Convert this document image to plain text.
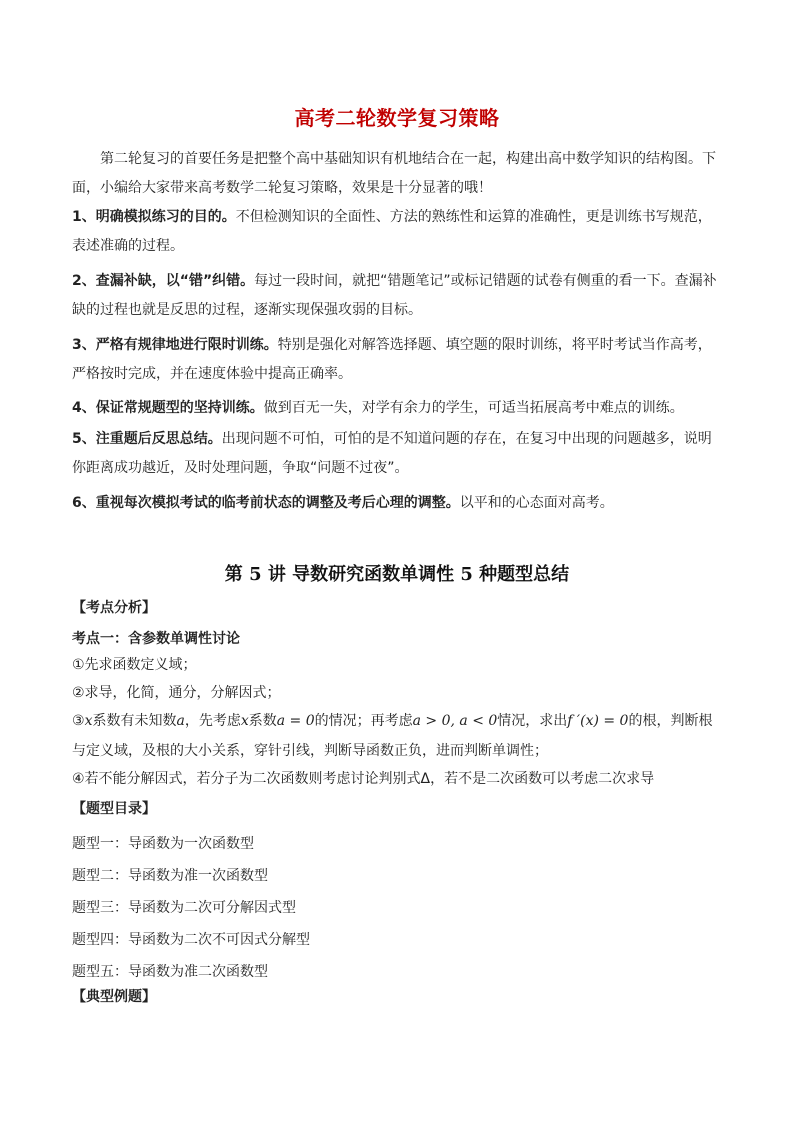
高考二轮数学复习策略
第二轮复习的首要任务是把整个高中基础知识有机地结合在一起，构建出高中数学知识的结构图。下面，小编给大家带来高考数学二轮复习策略，效果是十分显著的哦！
1、明确模拟练习的目的。不但检测知识的全面性、方法的熟练性和运算的准确性，更是训练书写规范，表述准确的过程。
2、查漏补缺，以“错”纠错。每过一段时间，就把“错题笔记”或标记错题的试卷有侧重的看一下。查漏补缺的过程也就是反思的过程，逐渐实现保强攻弱的目标。
3、严格有规律地进行限时训练。特别是强化对解答选择题、填空题的限时训练，将平时考试当作高考，严格按时完成，并在速度体验中提高正确率。
4、保证常规题型的坚持训练。做到百无一失，对学有余力的学生，可适当拓展高考中难点的训练。
5、注重题后反思总结。出现问题不可怕，可怕的是不知道问题的存在，在复习中出现的问题越多，说明你距离成功越近，及时处理问题，争取“问题不过夜”。
6、重视每次模拟考试的临考前状态的调整及考后心理的调整。以平和的心态面对高考。
第 5 讲 导数研究函数单调性 5 种题型总结
【考点分析】
考点一：含参数单调性讨论
①先求函数定义域；
②求导，化简，通分，分解因式；
③x系数有未知数a，先考虑x系数a = 0的情况；再考虑a > 0, a < 0情况，求出f ′(x) = 0的根，判断根与定义域，及根的大小关系，穿针引线，判断导函数正负，进而判断单调性；
④若不能分解因式，若分子为二次函数则考虑讨论判别式Δ，若不是二次函数可以考虑二次求导
【题型目录】
题型一：导函数为一次函数型
题型二：导函数为准一次函数型
题型三：导函数为二次可分解因式型
题型四：导函数为二次不可因式分解型
题型五：导函数为准二次函数型
【典型例题】
